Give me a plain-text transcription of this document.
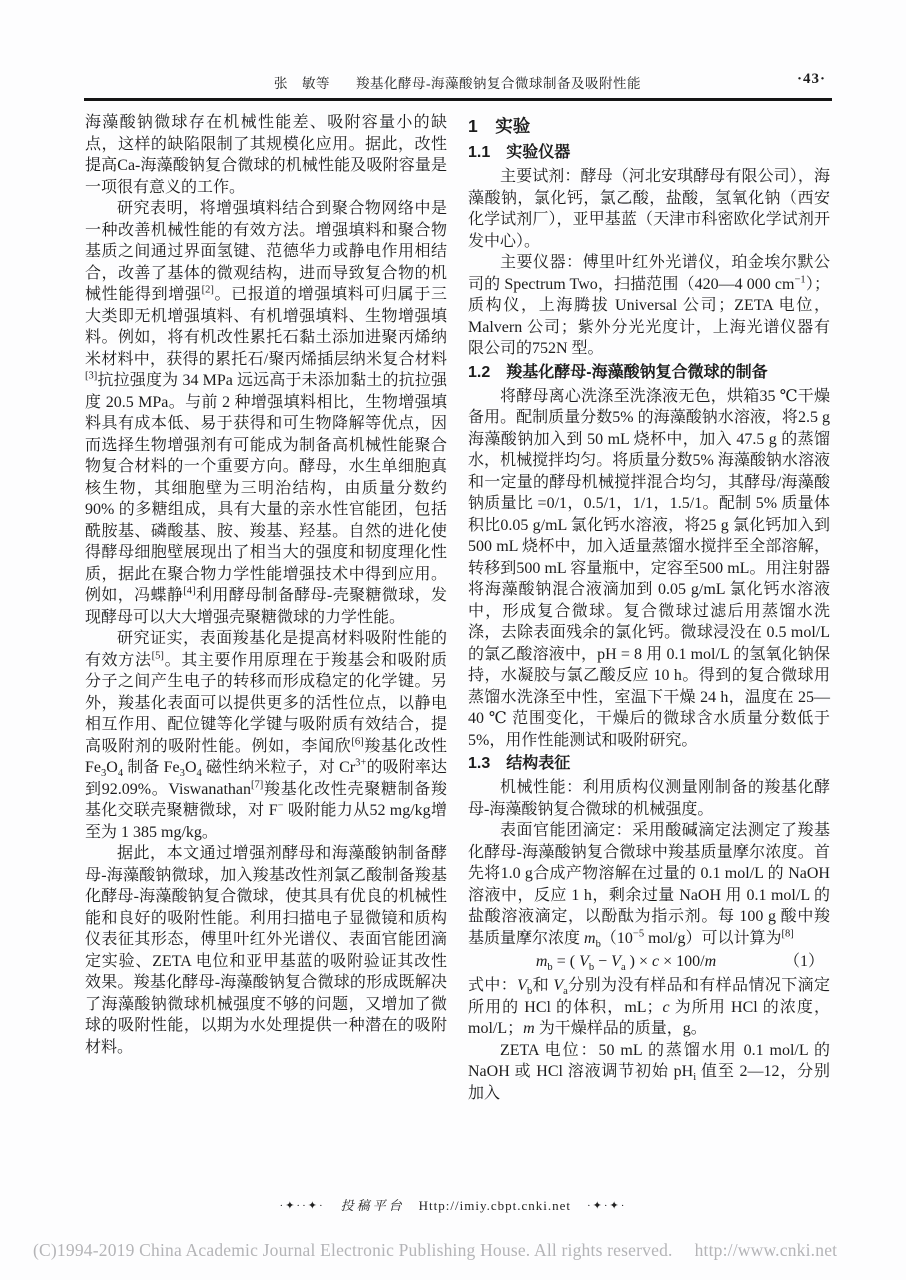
张　敏等 羧基化酵母-海藻酸钠复合微球制备及吸附性能	·43·

海藻酸钠微球存在机械性能差、吸附容量小的缺点，这样的缺陷限制了其规模化应用。据此，改性提高Ca-海藻酸钠复合微球的机械性能及吸附容量是一项很有意义的工作。

研究表明，将增强填料结合到聚合物网络中是一种改善机械性能的有效方法。增强填料和聚合物基质之间通过界面氢键、范德华力或静电作用相结合，改善了基体的微观结构，进而导致复合物的机械性能得到增强[2]。已报道的增强填料可归属于三大类即无机增强填料、有机增强填料、生物增强填料。例如，将有机改性累托石黏土添加进聚丙烯纳米材料中，获得的累托石/聚丙烯插层纳米复合材料[3]抗拉强度为 34 MPa 远远高于未添加黏土的抗拉强度 20.5 MPa。与前 2 种增强填料相比，生物增强填料具有成本低、易于获得和可生物降解等优点，因而选择生物增强剂有可能成为制备高机械性能聚合物复合材料的一个重要方向。酵母，水生单细胞真核生物，其细胞壁为三明治结构，由质量分数约90% 的多糖组成，具有大量的亲水性官能团，包括酰胺基、磷酸基、胺、羧基、羟基。自然的进化使得酵母细胞壁展现出了相当大的强度和韧度理化性质，据此在聚合物力学性能增强技术中得到应用。例如，冯蝶静[4]利用酵母制备酵母-壳聚糖微球，发现酵母可以大大增强壳聚糖微球的力学性能。

研究证实，表面羧基化是提高材料吸附性能的有效方法[5]。其主要作用原理在于羧基会和吸附质分子之间产生电子的转移而形成稳定的化学键。另外，羧基化表面可以提供更多的活性位点，以静电相互作用、配位键等化学键与吸附质有效结合，提高吸附剂的吸附性能。例如，李闻欣[6]羧基化改性$Fe_3O_4$ 制备 $Fe_3O_4$ 磁性纳米粒子，对 $Cr^{3+}$的吸附率达到92.09%。Viswanathan[7]羧基化改性壳聚糖制备羧基化交联壳聚糖微球，对 F− 吸附能力从52 mg/kg增至为 1 385 mg/kg。

据此，本文通过增强剂酵母和海藻酸钠制备酵母-海藻酸钠微球，加入羧基改性剂氯乙酸制备羧基化酵母-海藻酸钠复合微球，使其具有优良的机械性能和良好的吸附性能。利用扫描电子显微镜和质构仪表征其形态，傅里叶红外光谱仪、表面官能团滴定实验、ZETA 电位和亚甲基蓝的吸附验证其改性效果。羧基化酵母-海藻酸钠复合微球的形成既解决了海藻酸钠微球机械强度不够的问题，又增加了微球的吸附性能，以期为水处理提供一种潜在的吸附材料。

1　实验
1.1　实验仪器

主要试剂：酵母（河北安琪酵母有限公司），海藻酸钠，氯化钙，氯乙酸，盐酸，氢氧化钠（西安化学试剂厂），亚甲基蓝（天津市科密欧化学试剂开发中心）。

主要仪器：傅里叶红外光谱仪，珀金埃尔默公司的 Spectrum Two，扫描范围（420—4 000 $cm^{-1}$）；质构仪，上海腾拔 Universal 公司；ZETA 电位，Malvern 公司；紫外分光光度计，上海光谱仪器有限公司的752N 型。

1.2　羧基化酵母-海藻酸钠复合微球的制备

将酵母离心洗涤至洗涤液无色，烘箱35 ℃干燥备用。配制质量分数5% 的海藻酸钠水溶液，将2.5 g海藻酸钠加入到 50 mL 烧杯中，加入 47.5 g 的蒸馏水，机械搅拌均匀。将质量分数5% 海藻酸钠水溶液和一定量的酵母机械搅拌混合均匀，其酵母/海藻酸钠质量比 =0/1，0.5/1，1/1，1.5/1。配制 5% 质量体积比0.05 g/mL 氯化钙水溶液，将25 g 氯化钙加入到500 mL 烧杯中，加入适量蒸馏水搅拌至全部溶解，转移到500 mL 容量瓶中，定容至500 mL。用注射器将海藻酸钠混合液滴加到 0.05 g/mL 氯化钙水溶液中，形成复合微球。复合微球过滤后用蒸馏水洗涤，去除表面残余的氯化钙。微球浸没在 0.5 mol/L 的氯乙酸溶液中，pH = 8 用 0.1 mol/L 的氢氧化钠保持，水凝胶与氯乙酸反应 10 h。得到的复合微球用蒸馏水洗涤至中性，室温下干燥 24 h，温度在 25—40 ℃ 范围变化，干燥后的微球含水质量分数低于 5%，用作性能测试和吸附研究。

1.3　结构表征

机械性能：利用质构仪测量刚制备的羧基化酵母-海藻酸钠复合微球的机械强度。

表面官能团滴定：采用酸碱滴定法测定了羧基化酵母-海藻酸钠复合微球中羧基质量摩尔浓度。首先将1.0 g合成产物溶解在过量的 0.1 mol/L 的 NaOH 溶液中，反应 1 h，剩余过量 NaOH 用 0.1 mol/L 的盐酸溶液滴定，以酚酞为指示剂。每 100 g 酸中羧基质量摩尔浓度 $m_b(10^{-5}$ mol/g）可以计算为[8]

$m_b$ = ( $V_b - V_a$ ) × c × 100/m	（1）

式中：$V_b$和 $V_a$分别为没有样品和有样品情况下滴定所用的 HCl 的体积，mL；c 为所用 HCl 的浓度，mol/L；m 为干燥样品的质量，g。

ZETA 电位：50 mL 的蒸馏水用 0.1 mol/L 的NaOH 或 HCl 溶液调节初始 $pH_i$ 值至 2—12，分别加入

·✦··✦· 投稿平台 Http://imiy.cbpt.cnki.net ·✦·✦·
(C)1994-2019 China Academic Journal Electronic Publishing House. All rights reserved. http://www.cnki.net
